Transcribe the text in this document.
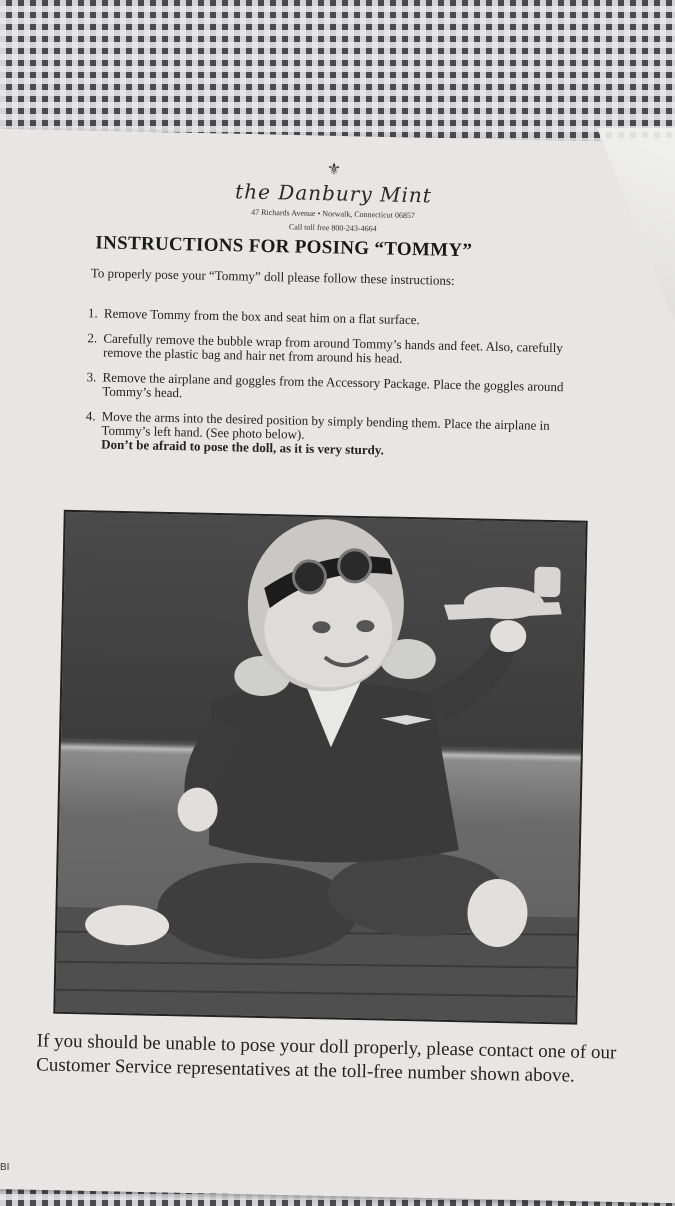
⚜
the Danbury Mint
47 Richards Avenue • Norwalk, Connecticut 06857
Call toll free 800-243-4664
INSTRUCTIONS FOR POSING “TOMMY”
To properly pose your “Tommy” doll please follow these instructions:
1. Remove Tommy from the box and seat him on a flat surface.
2. Carefully remove the bubble wrap from around Tommy’s hands and feet. Also, carefully remove the plastic bag and hair net from around his head.
3. Remove the airplane and goggles from the Accessory Package. Place the goggles around Tommy’s head.
4. Move the arms into the desired position by simply bending them. Place the airplane in Tommy’s left hand. (See photo below).
Don’t be afraid to pose the doll, as it is very sturdy.
If you should be unable to pose your doll properly, please contact one of our Customer Service representatives at the toll-free number shown above.
BI
